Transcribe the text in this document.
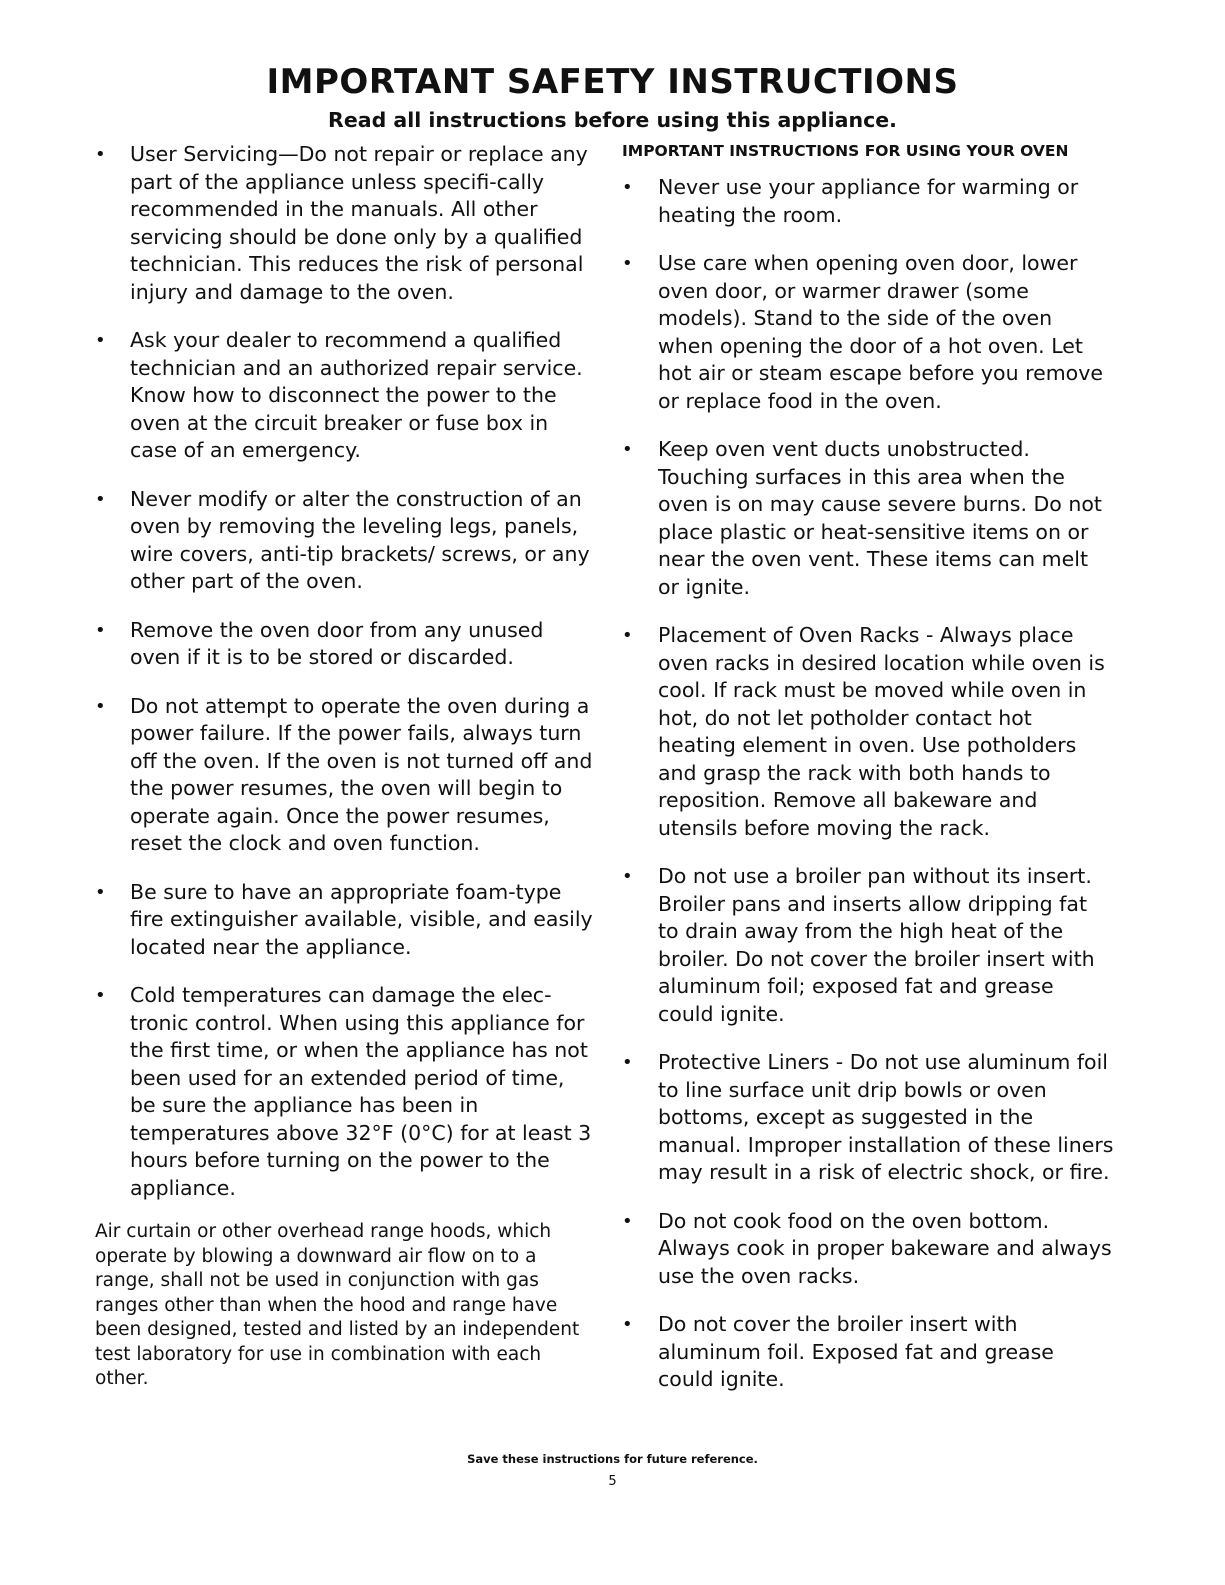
IMPORTANT SAFETY INSTRUCTIONS
Read all instructions before using this appliance.
• User Servicing—Do not repair or replace any part of the appliance unless specifi-cally recommended in the manuals. All other servicing should be done only by a qualified technician. This reduces the risk of personal injury and damage to the oven.
• Ask your dealer to recommend a qualified technician and an authorized repair service. Know how to disconnect the power to the oven at the circuit breaker or fuse box in case of an emergency.
• Never modify or alter the construction of an oven by removing the leveling legs, panels, wire covers, anti-tip brackets/ screws, or any other part of the oven.
• Remove the oven door from any unused oven if it is to be stored or discarded.
• Do not attempt to operate the oven during a power failure. If the power fails, always turn off the oven. If the oven is not turned off and the power resumes, the oven will begin to operate again. Once the power resumes, reset the clock and oven function.
• Be sure to have an appropriate foam-type fire extinguisher available, visible, and easily located near the appliance.
• Cold temperatures can damage the elec-tronic control. When using this appliance for the first time, or when the appliance has not been used for an extended period of time, be sure the appliance has been in temperatures above 32°F (0°C) for at least 3 hours before turning on the power to the appliance.

Air curtain or other overhead range hoods, which operate by blowing a downward air flow on to a range, shall not be used in conjunction with gas ranges other than when the hood and range have been designed, tested and listed by an independent test laboratory for use in combination with each other.

IMPORTANT INSTRUCTIONS FOR USING YOUR OVEN
• Never use your appliance for warming or heating the room.
• Use care when opening oven door, lower oven door, or warmer drawer (some models). Stand to the side of the oven when opening the door of a hot oven. Let hot air or steam escape before you remove or replace food in the oven.
• Keep oven vent ducts unobstructed. Touching surfaces in this area when the oven is on may cause severe burns. Do not place plastic or heat-sensitive items on or near the oven vent. These items can melt or ignite.
• Placement of Oven Racks - Always place oven racks in desired location while oven is cool. If rack must be moved while oven in hot, do not let potholder contact hot heating element in oven. Use potholders and grasp the rack with both hands to reposition. Remove all bakeware and utensils before moving the rack.
• Do not use a broiler pan without its insert. Broiler pans and inserts allow dripping fat to drain away from the high heat of the broiler. Do not cover the broiler insert with aluminum foil; exposed fat and grease could ignite.
• Protective Liners - Do not use aluminum foil to line surface unit drip bowls or oven bottoms, except as suggested in the manual. Improper installation of these liners may result in a risk of electric shock, or fire.
• Do not cook food on the oven bottom. Always cook in proper bakeware and always use the oven racks.
• Do not cover the broiler insert with aluminum foil. Exposed fat and grease could ignite.
Save these instructions for future reference.
5
